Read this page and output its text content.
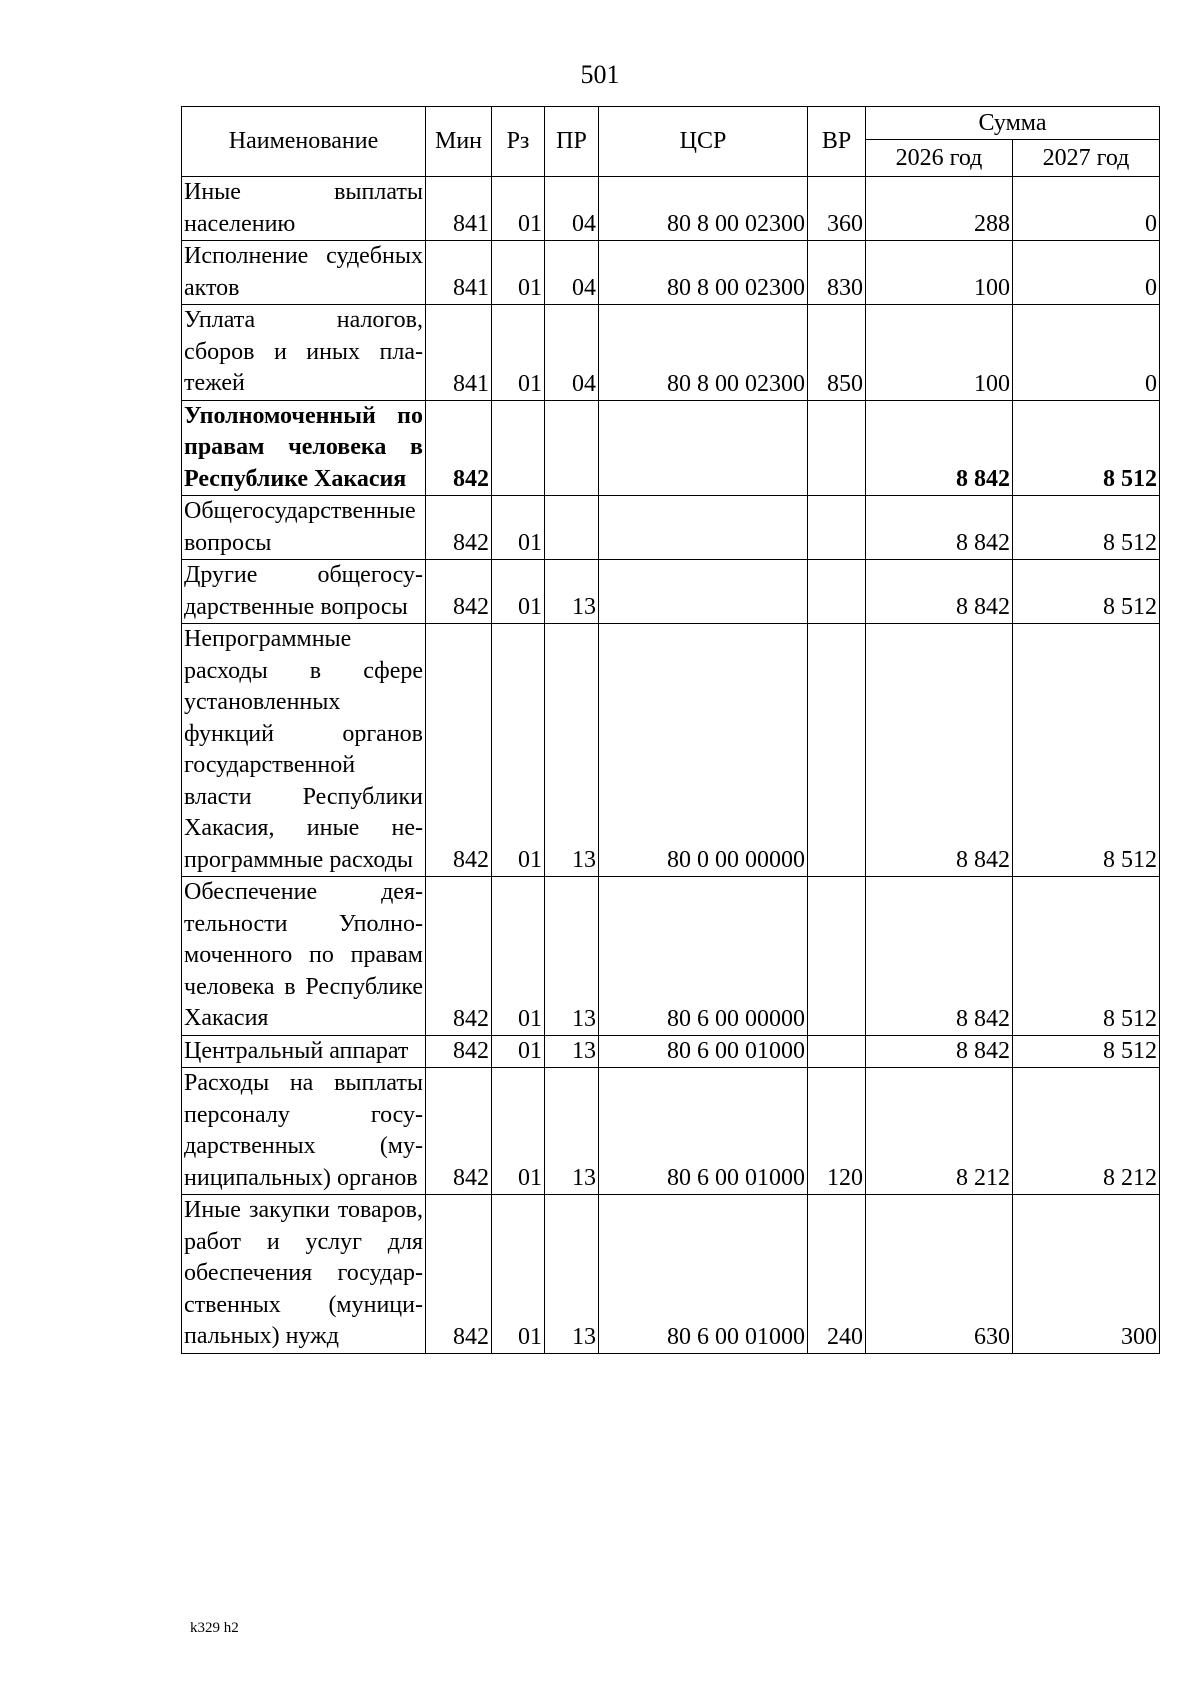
501
Наименование	Мин	Рз	ПР	ЦСР	ВР	Сумма	
						2026 год	2027 год
Иные выплаты населению	841	01	04	80 8 00 02300	360	288	0
Исполнение судебных актов	841	01	04	80 8 00 02300	830	100	0
Уплата налогов, сборов и иных платежей	841	01	04	80 8 00 02300	850	100	0
Уполномоченный по правам человека в Республике Хакасия	842					8 842	8 512
Общегосударственные вопросы	842	01				8 842	8 512
Другие общегосударственные вопросы	842	01	13			8 842	8 512
Непрограммные расходы в сфере установленных функций органов государственной власти Республики Хакасия, иные непрограммные расходы	842	01	13	80 0 00 00000		8 842	8 512
Обеспечение деятельности Уполномоченного по правам человека в Республике Хакасия	842	01	13	80 6 00 00000		8 842	8 512
Центральный аппарат	842	01	13	80 6 00 01000		8 842	8 512
Расходы на выплаты персоналу государственных (муниципальных) органов	842	01	13	80 6 00 01000	120	8 212	8 212
Иные закупки товаров, работ и услуг для обеспечения государственных (муниципальных) нужд	842	01	13	80 6 00 01000	240	630	300
k329 h2
